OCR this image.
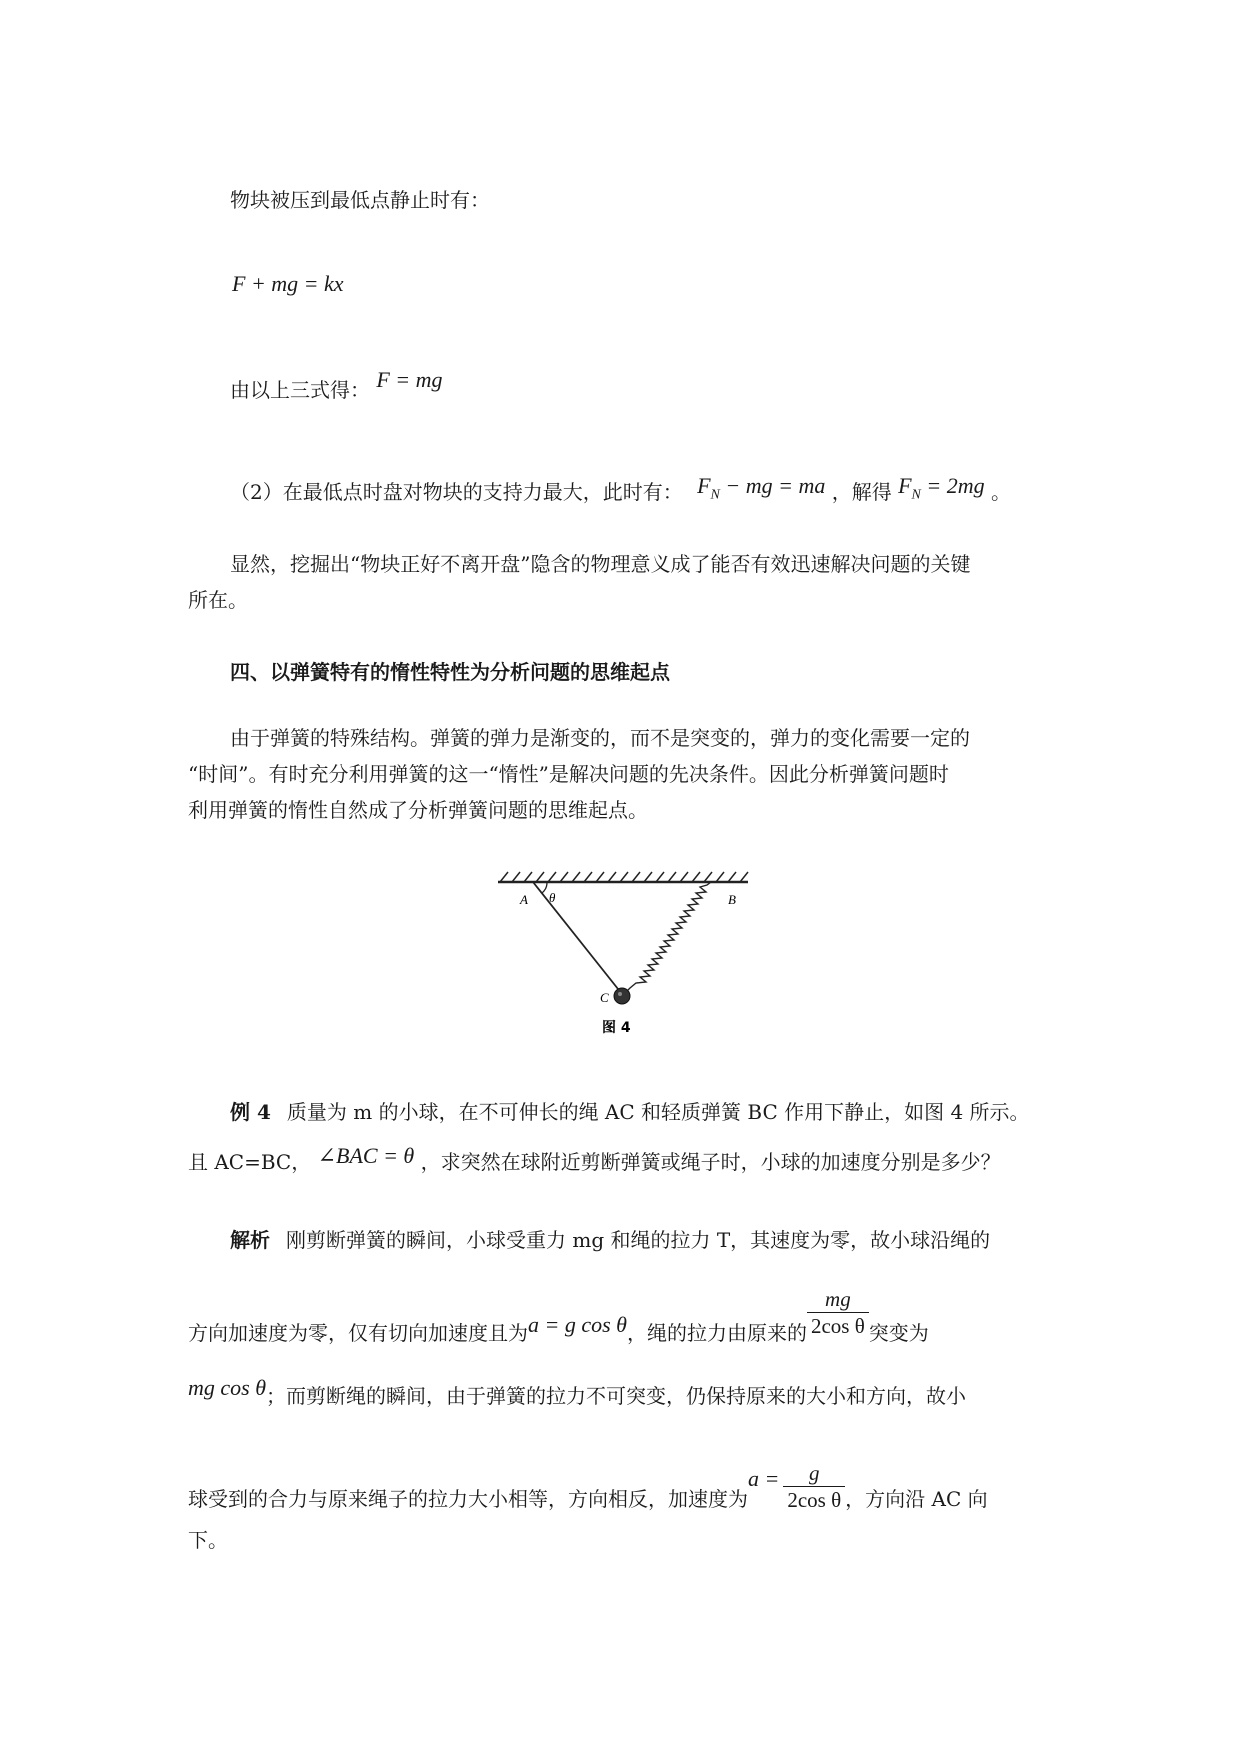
物块被压到最低点静止时有：
F + mg = kx
由以上三式得： F = mg
（2）在最低点时盘对物块的支持力最大，此时有： $F_N$ − mg = ma ，解得 $F_N = 2mg$ 。
显然，挖掘出“物块正好不离开盘”隐含的物理意义成了能否有效迅速解决问题的关键
所在。
四、以弹簧特有的惰性特性为分析问题的思维起点
由于弹簧的特殊结构。弹簧的弹力是渐变的，而不是突变的，弹力的变化需要一定的
“时间”。有时充分利用弹簧的这一“惰性”是解决问题的先决条件。因此分析弹簧问题时
利用弹簧的惰性自然成了分析弹簧问题的思维起点。
A θ	B
C
图 4
例 4 质量为 m 的小球，在不可伸长的绳 AC 和轻质弹簧 BC 作用下静止，如图 4 所示。
且 AC=BC， ∠BAC = θ ，求突然在球附近剪断弹簧或绳子时，小球的加速度分别是多少？
解析 刚剪断弹簧的瞬间，小球受重力 mg 和绳的拉力 T，其速度为零，故小球沿绳的
方向加速度为零，仅有切向加速度且为a = g cos θ，绳的拉力由原来的 $\frac{mg}{\text{2cos θ}}$ 突变为
mg cos θ；而剪断绳的瞬间，由于弹簧的拉力不可突变，仍保持原来的大小和方向，故小
球受到的合力与原来绳子的拉力大小相等，方向相反，加速度为$a = \frac{g}{\text{2cos θ}}$ ，方向沿 AC 向
下。
